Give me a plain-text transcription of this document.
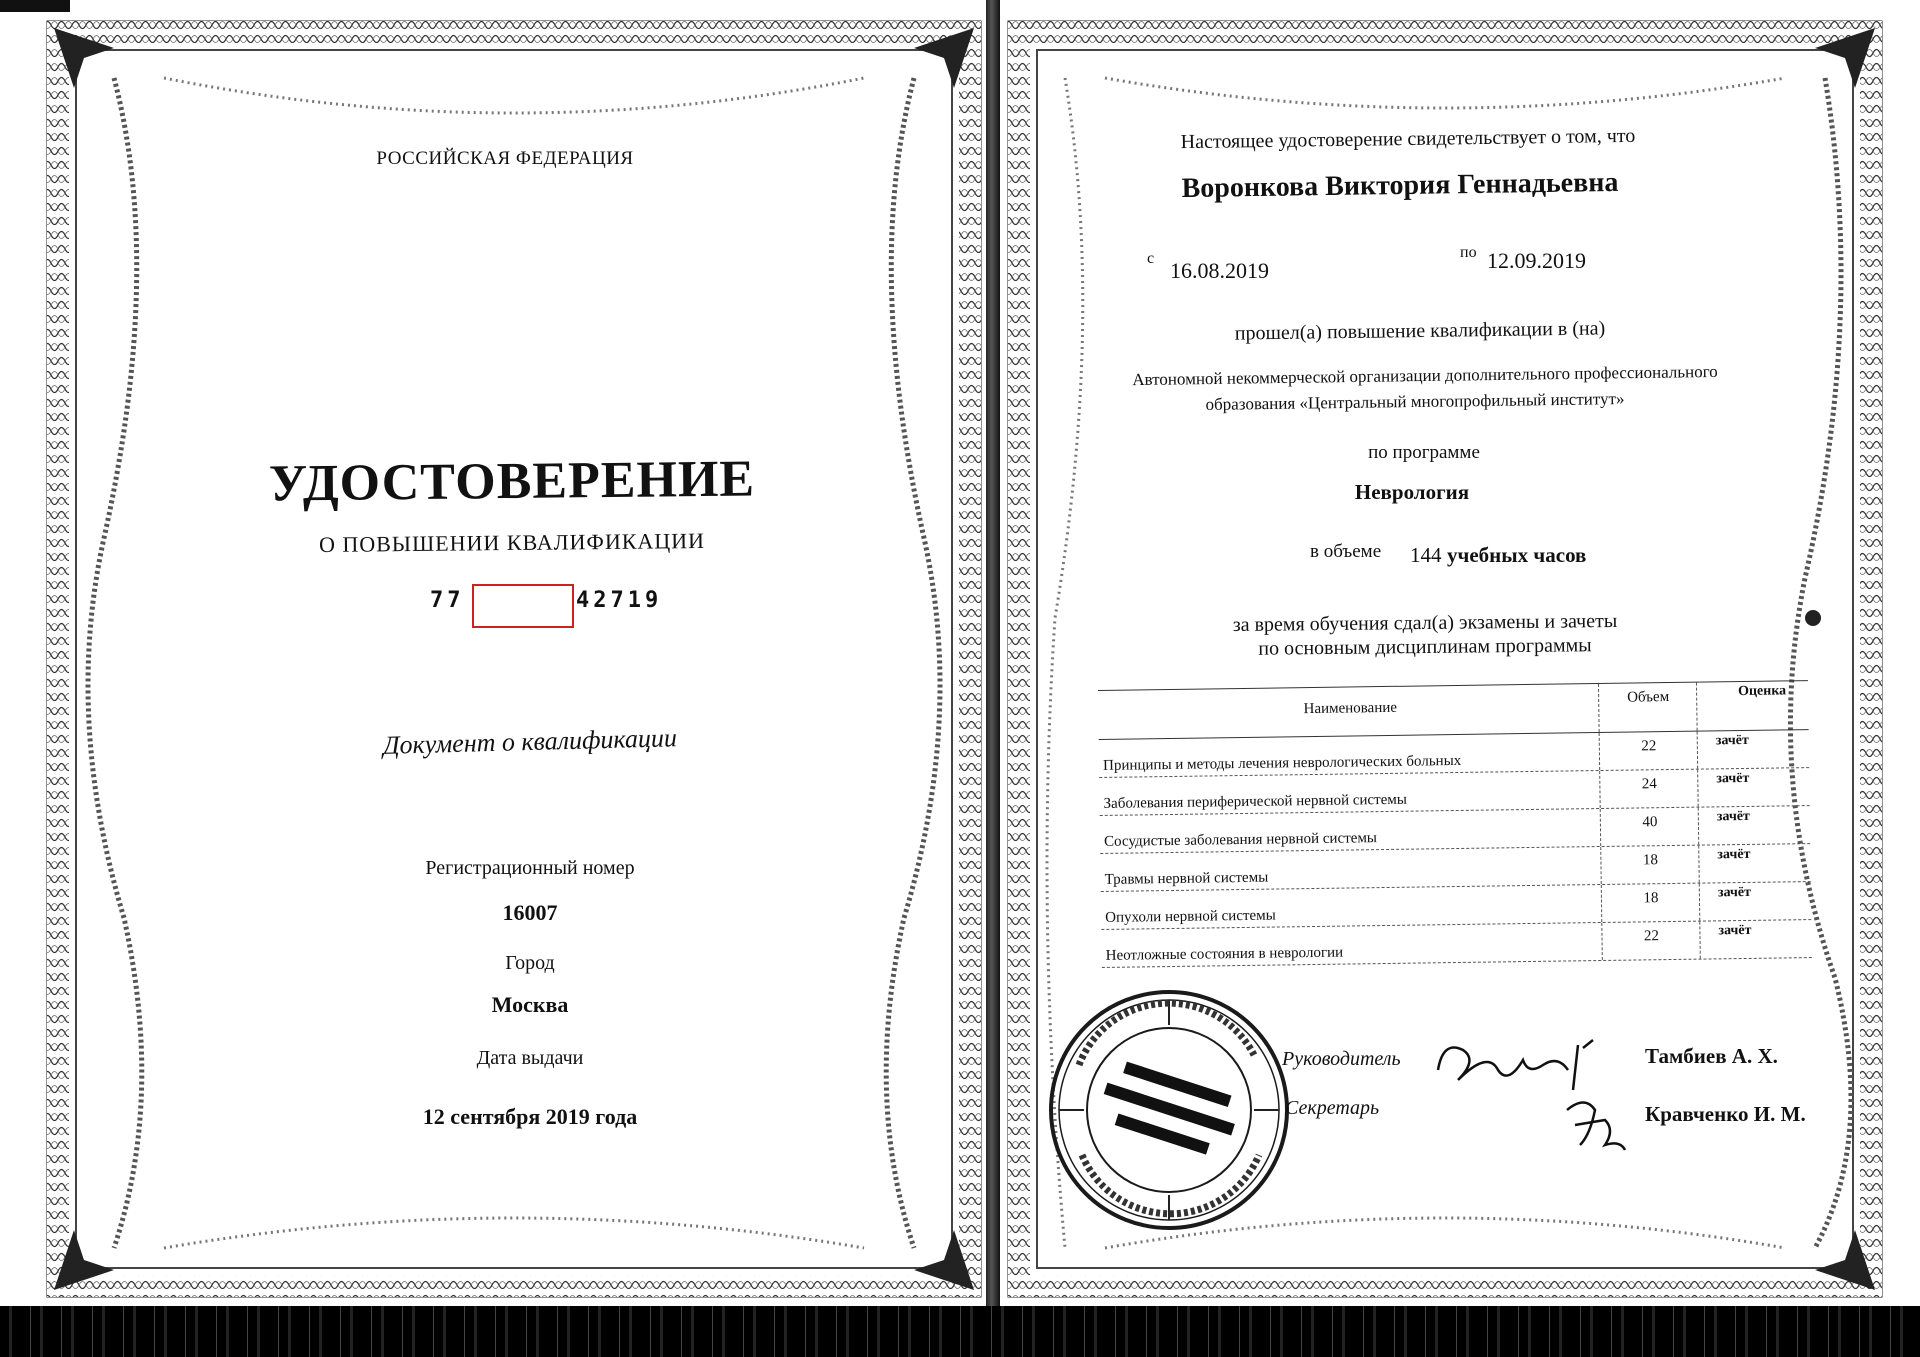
РОССИЙСКАЯ ФЕДЕРАЦИЯ
УДОСТОВЕРЕНИЕ
О ПОВЫШЕНИИ КВАЛИФИКАЦИИ
77	42719
Документ о квалификации
Регистрационный номер
16007
Город
Москва
Дата выдачи
12 сентября 2019 года
Настоящее удостоверение свидетельствует о том, что
Воронкова Виктория Геннадьевна
с 16.08.2019
по 12.09.2019
прошел(а) повышение квалификации в (на)
Автономной некоммерческой организации дополнительного профессионального
образования «Центральный многопрофильный институт»
по программе
Неврология
в объеме 144 учебных часов
за время обучения сдал(а) экзамены и зачеты
по основным дисциплинам программы
Наименование
Объем	Оценка
Принципы и методы лечения неврологических больных
22	зачёт
Заболевания периферической нервной системы
24	зачёт
Сосудистые заболевания нервной системы
40	зачёт
Травмы нервной системы
18	зачёт
Опухоли нервной системы
18	зачёт
Неотложные состояния в неврологии
22	зачёт
Руководитель
Секретарь
Тамбиев А. Х.
Кравченко И. М.
